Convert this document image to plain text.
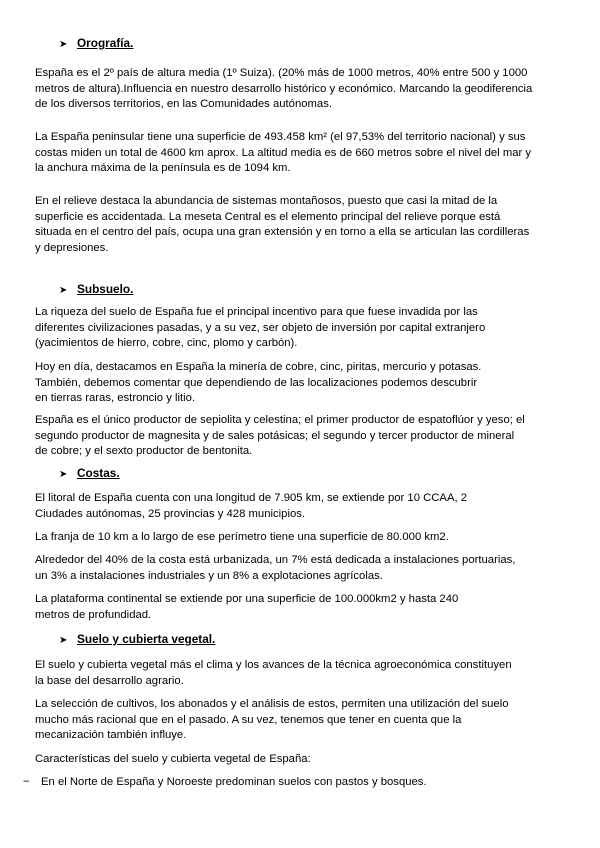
➤ Orografía.

España es el 2º país de altura media (1º Suiza). (20% más de 1000 metros, 40% entre 500 y 1000
metros de altura).Influencia en nuestro desarrollo histórico y económico. Marcando la geodiferencia
de los diversos territorios, en las Comunidades autónomas.

La España peninsular tiene una superficie de 493.458 km² (el 97,53% del territorio nacional) y sus
costas miden un total de 4600 km aprox. La altitud media es de 660 metros sobre el nivel del mar y
la anchura máxima de la península es de 1094 km.

En el relieve destaca la abundancia de sistemas montañosos, puesto que casi la mitad de la
superficie es accidentada. La meseta Central es el elemento principal del relieve porque está
situada en el centro del país, ocupa una gran extensión y en torno a ella se articulan las cordilleras
y depresiones.

➤ Subsuelo.

La riqueza del suelo de España fue el principal incentivo para que fuese invadida por las
diferentes civilizaciones pasadas, y a su vez, ser objeto de inversión por capital extranjero
(yacimientos de hierro, cobre, cinc, plomo y carbón).

Hoy en día, destacamos en España la minería de cobre, cinc, piritas, mercurio y potasas.
También, debemos comentar que dependiendo de las localizaciones podemos descubrir
en tierras raras, estroncio y litio.

España es el único productor de sepiolita y celestina; el primer productor de espatoflúor y yeso; el
segundo productor de magnesita y de sales potásicas; el segundo y tercer productor de mineral
de cobre; y el sexto productor de bentonita.

➤ Costas.

El litoral de España cuenta con una longitud de 7.905 km, se extiende por 10 CCAA, 2
Ciudades autónomas, 25 provincias y 428 municipios.

La franja de 10 km a lo largo de ese perímetro tiene una superficie de 80.000 km2.

Alrededor del 40% de la costa está urbanizada, un 7% está dedicada a instalaciones portuarias,
un 3% a instalaciones industriales y un 8% a explotaciones agrícolas.

La plataforma continental se extiende por una superficie de 100.000km2 y hasta 240
metros de profundidad.

➤ Suelo y cubierta vegetal.

El suelo y cubierta vegetal más el clima y los avances de la técnica agroeconómica constituyen
la base del desarrollo agrario.

La selección de cultivos, los abonados y el análisis de estos, permiten una utilización del suelo
mucho más racional que en el pasado. A su vez, tenemos que tener en cuenta que la
mecanización también influye.

Características del suelo y cubierta vegetal de España:

− En el Norte de España y Noroeste predominan suelos con pastos y bosques.
